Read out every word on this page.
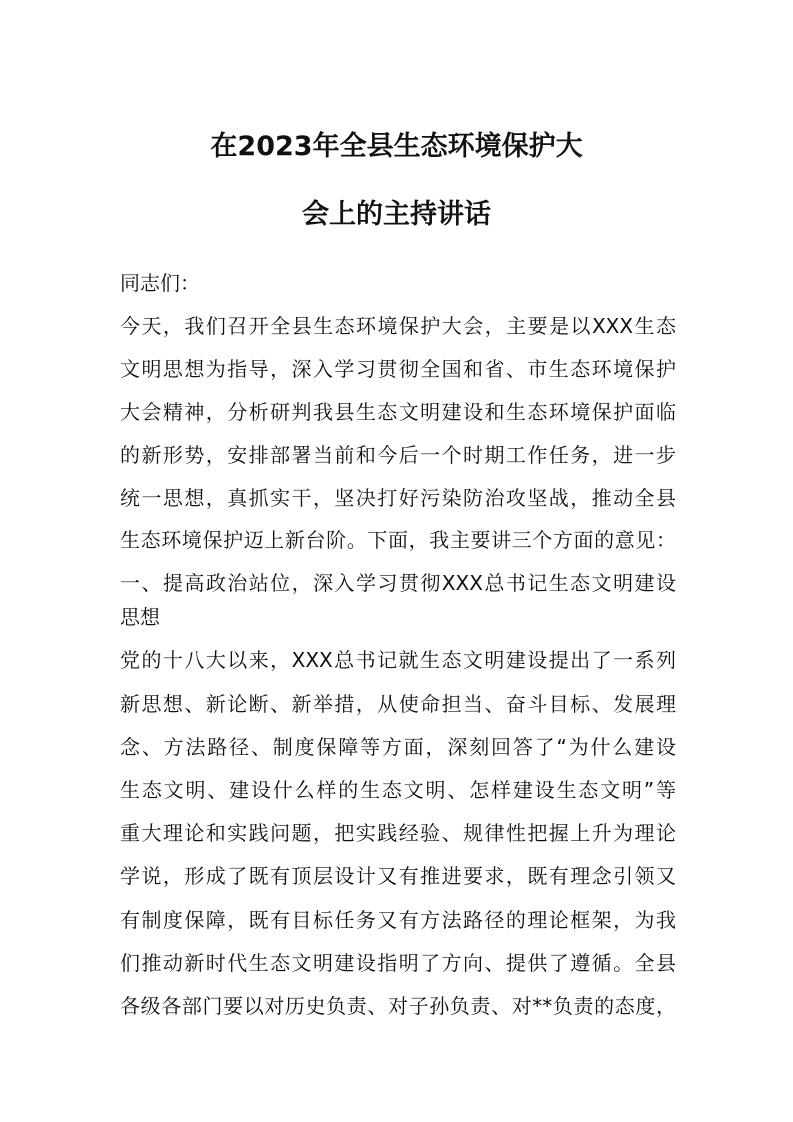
在2023年全县生态环境保护大
会上的主持讲话
同志们：
今天，我们召开全县生态环境保护大会，主要是以XXX生态
文明思想为指导，深入学习贯彻全国和省、市生态环境保护
大会精神，分析研判我县生态文明建设和生态环境保护面临
的新形势，安排部署当前和今后一个时期工作任务，进一步
统一思想，真抓实干，坚决打好污染防治攻坚战，推动全县
生态环境保护迈上新台阶。下面，我主要讲三个方面的意见：
一、提高政治站位，深入学习贯彻XXX总书记生态文明建设
思想
党的十八大以来，XXX总书记就生态文明建设提出了一系列
新思想、新论断、新举措，从使命担当、奋斗目标、发展理
念、方法路径、制度保障等方面，深刻回答了“为什么建设
生态文明、建设什么样的生态文明、怎样建设生态文明”等
重大理论和实践问题，把实践经验、规律性把握上升为理论
学说，形成了既有顶层设计又有推进要求，既有理念引领又
有制度保障，既有目标任务又有方法路径的理论框架，为我
们推动新时代生态文明建设指明了方向、提供了遵循。全县
各级各部门要以对历史负责、对子孙负责、对**负责的态度，
